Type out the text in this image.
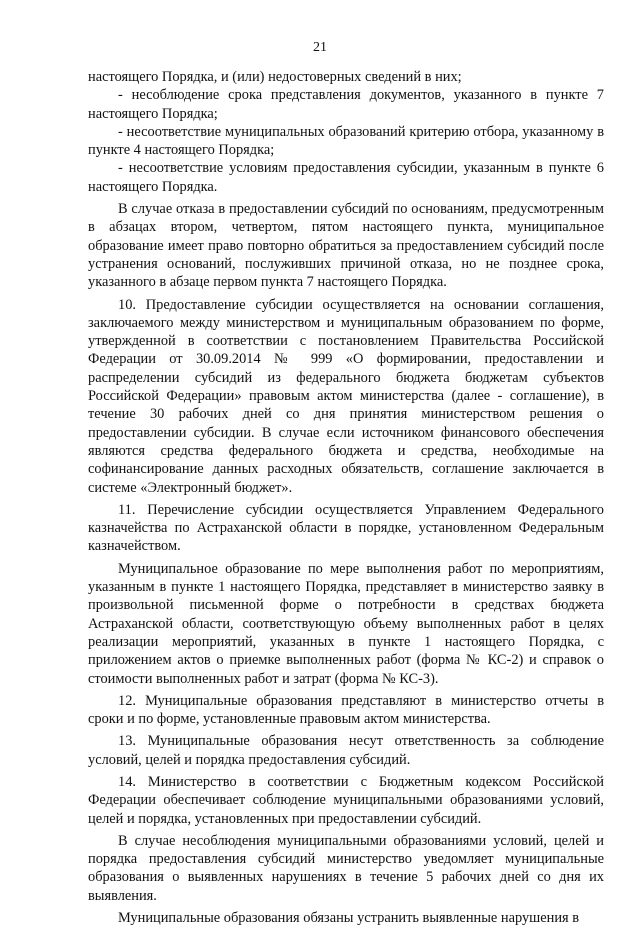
21

настоящего Порядка, и (или) недостоверных сведений в них;

- несоблюдение срока представления документов, указанного в пункте 7 настоящего Порядка;

- несоответствие муниципальных образований критерию отбора, указанному в пункте 4 настоящего Порядка;

- несоответствие условиям предоставления субсидии, указанным в пункте 6 настоящего Порядка.

В случае отказа в предоставлении субсидий по основаниям, предусмотренным в абзацах втором, четвертом, пятом настоящего пункта, муниципальное образование имеет право повторно обратиться за предоставлением субсидий после устранения оснований, послуживших причиной отказа, но не позднее срока, указанного в абзаце первом пункта 7 настоящего Порядка.

10. Предоставление субсидии осуществляется на основании соглашения, заключаемого между министерством и муниципальным образованием по форме, утвержденной в соответствии с постановлением Правительства Российской Федерации от 30.09.2014 № 999 «О формировании, предоставлении и распределении субсидий из федерального бюджета бюджетам субъектов Российской Федерации» правовым актом министерства (далее - соглашение), в течение 30 рабочих дней со дня принятия министерством решения о предоставлении субсидии. В случае если источником финансового обеспечения являются средства федерального бюджета и средства, необходимые на софинансирование данных расходных обязательств, соглашение заключается в системе «Электронный бюджет».

11. Перечисление субсидии осуществляется Управлением Федерального казначейства по Астраханской области в порядке, установленном Федеральным казначейством.

Муниципальное образование по мере выполнения работ по мероприятиям, указанным в пункте 1 настоящего Порядка, представляет в министерство заявку в произвольной письменной форме о потребности в средствах бюджета Астраханской области, соответствующую объему выполненных работ в целях реализации мероприятий, указанных в пункте 1 настоящего Порядка, с приложением актов о приемке выполненных работ (форма № КС-2) и справок о стоимости выполненных работ и затрат (форма № КС-3).

12. Муниципальные образования представляют в министерство отчеты в сроки и по форме, установленные правовым актом министерства.

13. Муниципальные образования несут ответственность за соблюдение условий, целей и порядка предоставления субсидий.

14. Министерство в соответствии с Бюджетным кодексом Российской Федерации обеспечивает соблюдение муниципальными образованиями условий, целей и порядка, установленных при предоставлении субсидий.

В случае несоблюдения муниципальными образованиями условий, целей и порядка предоставления субсидий министерство уведомляет муниципальные образования о выявленных нарушениях в течение 5 рабочих дней со дня их выявления.

Муниципальные образования обязаны устранить выявленные нарушения в
